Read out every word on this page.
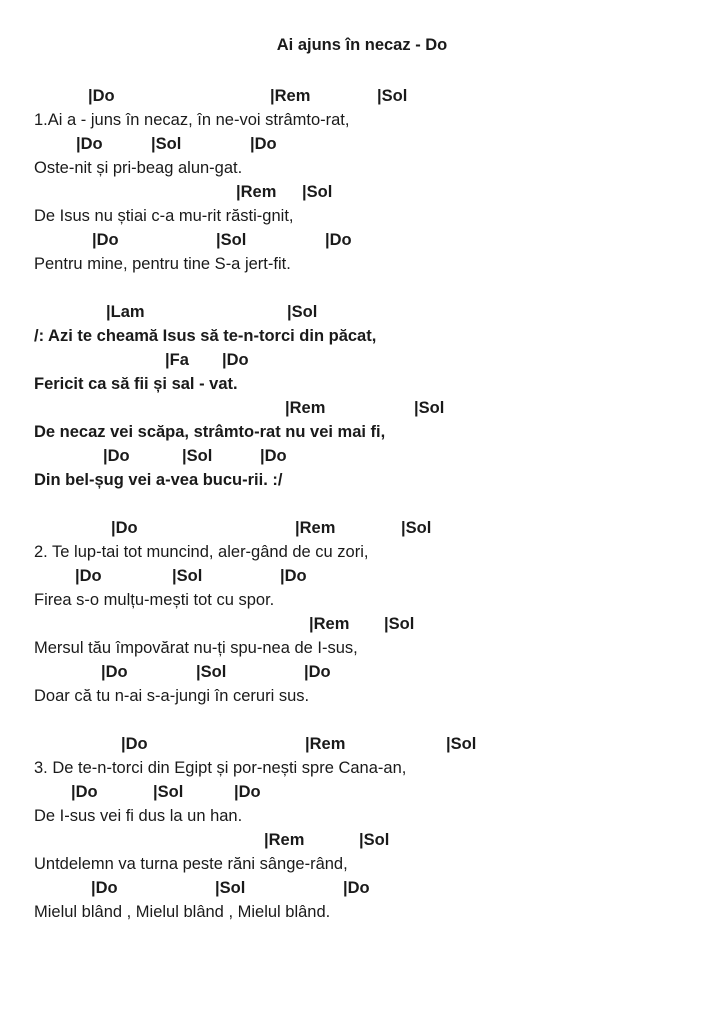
Ai ajuns în necaz - Do
|Do	|Rem	|Sol
1.Ai a - juns în necaz, în ne-voi strâmto-rat,
|Do	|Sol	|Do
Oste-nit și pri-beag alun-gat.
|Rem |Sol
De Isus nu știai c-a mu-rit răsti-gnit,
|Do	|Sol	|Do
Pentru mine, pentru tine S-a jert-fit.
|Lam	|Sol
/: Azi te cheamă Isus să te-n-torci din păcat,
|Fa |Do
Fericit ca să fii și sal - vat.
|Rem	|Sol
De necaz vei scăpa, strâmto-rat nu vei mai fi,
|Do	|Sol	|Do
Din bel-șug vei a-vea bucu-rii. :/
|Do	|Rem	|Sol
2. Te lup-tai tot muncind, aler-gând de cu zori,
|Do	|Sol	|Do
Firea s-o mulțu-mești tot cu spor.
|Rem |Sol
Mersul tău împovărat nu-ți spu-nea de I-sus,
|Do	|Sol	|Do
Doar că tu n-ai s-a-jungi în ceruri sus.
|Do	|Rem	|Sol
3. De te-n-torci din Egipt și por-nești spre Cana-an,
|Do	|Sol	|Do
De I-sus vei fi dus la un han.
|Rem	|Sol
Untdelemn va turna peste răni sânge-rând,
|Do	|Sol	|Do
Mielul blând , Mielul blând , Mielul blând.
